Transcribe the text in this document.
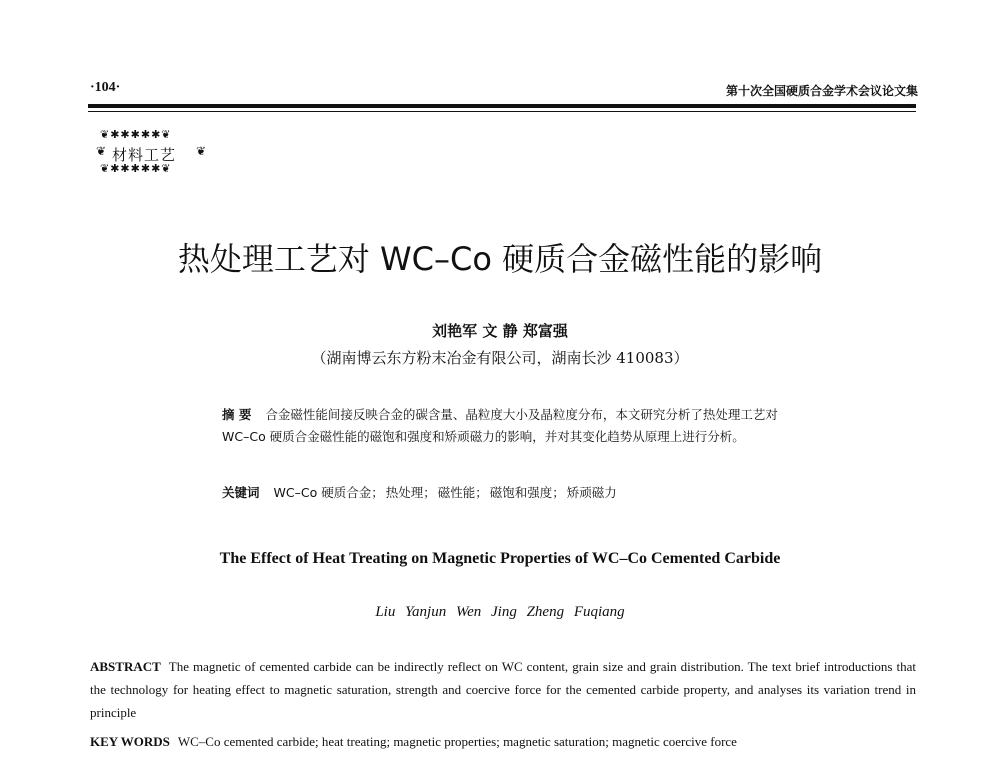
·104·	第十次全国硬质合金学术会议论文集
❦✱✱✱✱✱❦
❦ 材料工艺 ❦
❦✱✱✱✱✱❦
热处理工艺对 WC–Co 硬质合金磁性能的影响
刘艳军 文 静 郑富强
（湖南博云东方粉末冶金有限公司，湖南长沙 410083）
摘 要 合金磁性能间接反映合金的碳含量、晶粒度大小及晶粒度分布，本文研究分析了热处理工艺对 WC–Co 硬质合金磁性能的磁饱和强度和矫顽磁力的影响，并对其变化趋势从原理上进行分析。
关键词 WC–Co 硬质合金； 热处理； 磁性能； 磁饱和强度； 矫顽磁力
The Effect of Heat Treating on Magnetic Properties of WC–Co Cemented Carbide
Liu Yanjun Wen Jing Zheng Fuqiang
ABSTRACT The magnetic of cemented carbide can be indirectly reflect on WC content, grain size and grain distribution. The text brief introductions that the technology for heating effect to magnetic saturation, strength and coercive force for the cemented carbide property, and analyses its variation trend in principle
KEY WORDS WC–Co cemented carbide; heat treating; magnetic properties; magnetic saturation; magnetic coercive force
